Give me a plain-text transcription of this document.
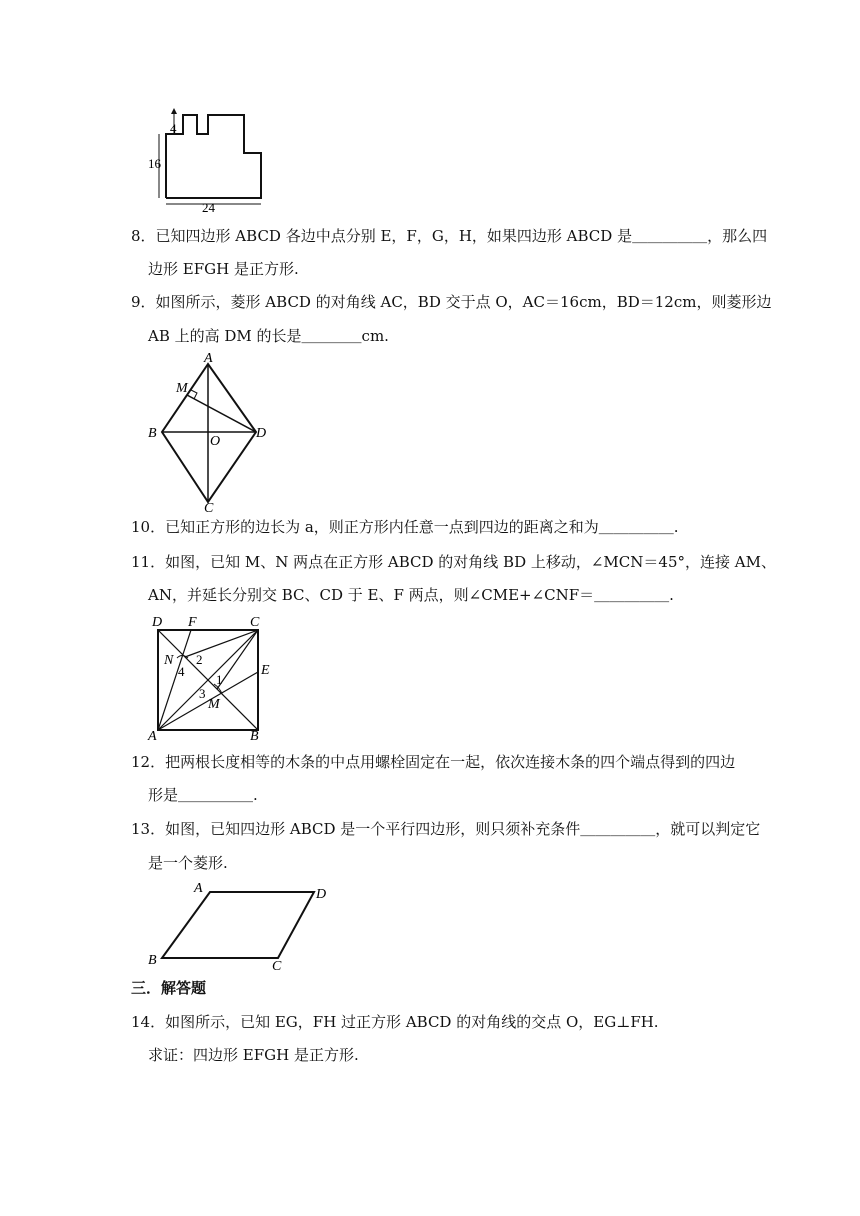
4
16
24
8．已知四边形 ABCD 各边中点分别 E，F，G，H，如果四边形 ABCD 是＿＿＿＿＿，那么四
边形 EFGH 是正方形.
9．如图所示，菱形 ABCD 的对角线 AC，BD 交于点 O，AC＝16cm，BD＝12cm，则菱形边
AB 上的高 DM 的长是＿＿＿＿cm.
A
M
B
O
D
C
10．已知正方形的边长为 a，则正方形内任意一点到四边的距离之和为＿＿＿＿＿.
11．如图，已知 M、N 两点在正方形 ABCD 的对角线 BD 上移动，∠MCN＝45°，连接 AM、
AN，并延长分别交 BC、CD 于 E、F 两点，则∠CME+∠CNF＝＿＿＿＿＿.
D F	C
N 2
4	E
1
3
M
A	B
12．把两根长度相等的木条的中点用螺栓固定在一起，依次连接木条的四个端点得到的四边
形是＿＿＿＿＿.
13．如图，已知四边形 ABCD 是一个平行四边形，则只须补充条件＿＿＿＿＿，就可以判定它
是一个菱形.
A	D
B	C
三．解答题
14．如图所示，已知 EG，FH 过正方形 ABCD 的对角线的交点 O，EG⊥FH.
求证：四边形 EFGH 是正方形.
